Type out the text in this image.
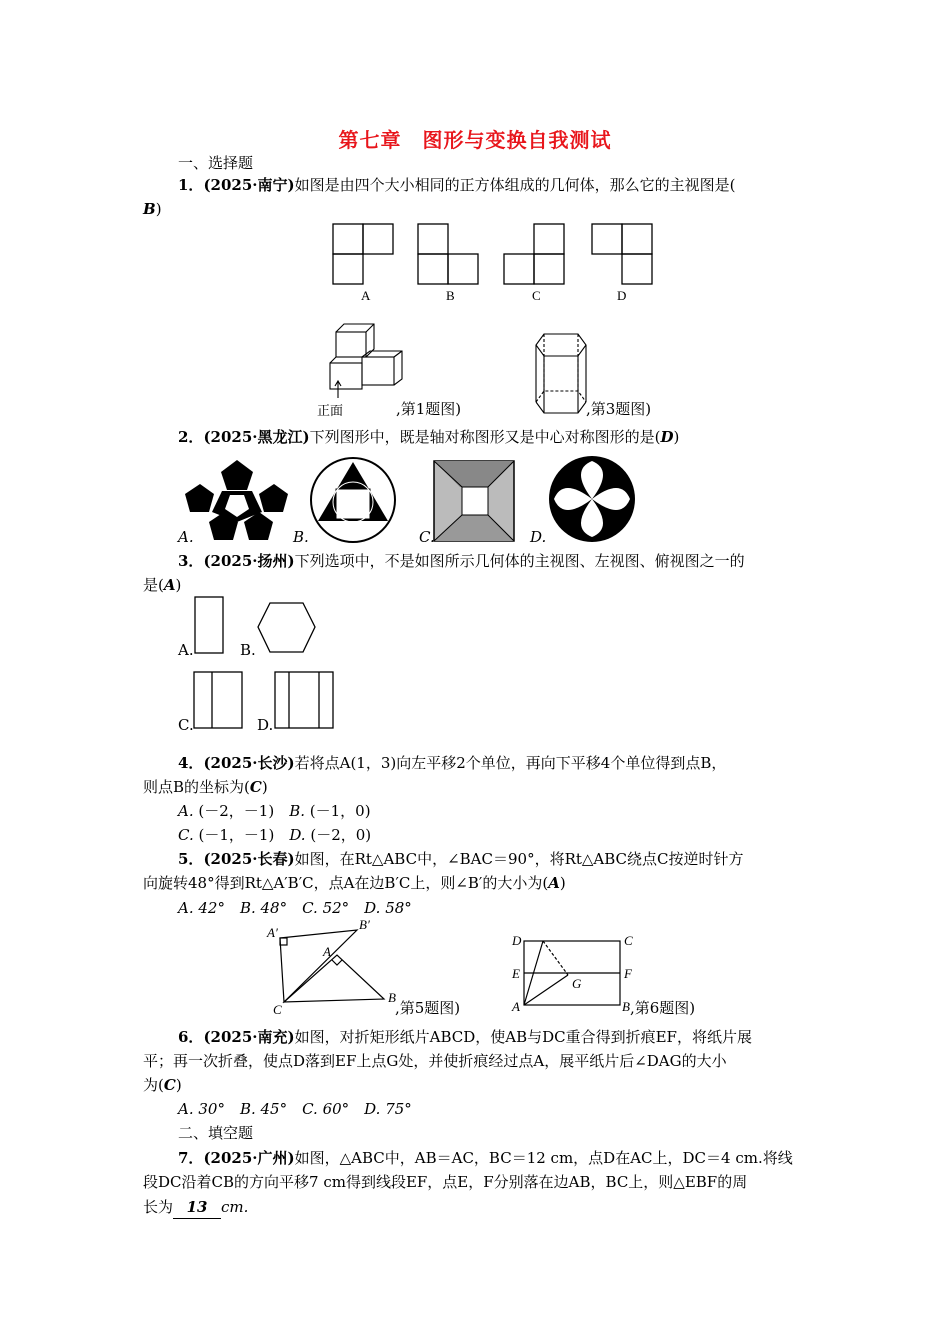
第七章　图形与变换自我测试
一、选择题
1．(2025·南宁)如图是由四个大小相同的正方体组成的几何体，那么它的主视图是(
B)
A	B	C	D
正面	,第1题图)	,第3题图)
2．(2025·黑龙江)下列图形中，既是轴对称图形又是中心对称图形的是(D)
A.	B.	C.	D.
3．(2025·扬州)下列选项中，不是如图所示几何体的主视图、左视图、俯视图之一的
是(A)
A.	B.
C.	D.
4．(2025·长沙)若将点A(1，3)向左平移2个单位，再向下平移4个单位得到点B，
则点B的坐标为(C)
A. (－2，－1)　 B. (－1，0)
C. (－1，－1)　 D. (－2，0)
5．(2025·长春)如图，在Rt△ABC中，∠BAC＝90°，将Rt△ABC绕点C按逆时针方
向旋转48°得到Rt△A′B′C，点A在边B′C上，则∠B′的大小为(A)
A. 42°　B. 48°　C. 52°　D. 58°
A′
B′
A
C
B
,第5题图)
D	C
E	F
A
G
B ,第6题图)
6．(2025·南充)如图，对折矩形纸片ABCD，使AB与DC重合得到折痕EF，将纸片展
平；再一次折叠，使点D落到EF上点G处，并使折痕经过点A，展平纸片后∠DAG的大小
为(C)
A. 30°　B. 45°　C. 60°　D. 75°
二、填空题
7．(2025·广州)如图，△ABC中，AB＝AC，BC＝12 cm，点D在AC上，DC＝4 cm.将线
段DC沿着CB的方向平移7 cm得到线段EF，点E，F分别落在边AB，BC上，则△EBF的周
长为 13 cm.
